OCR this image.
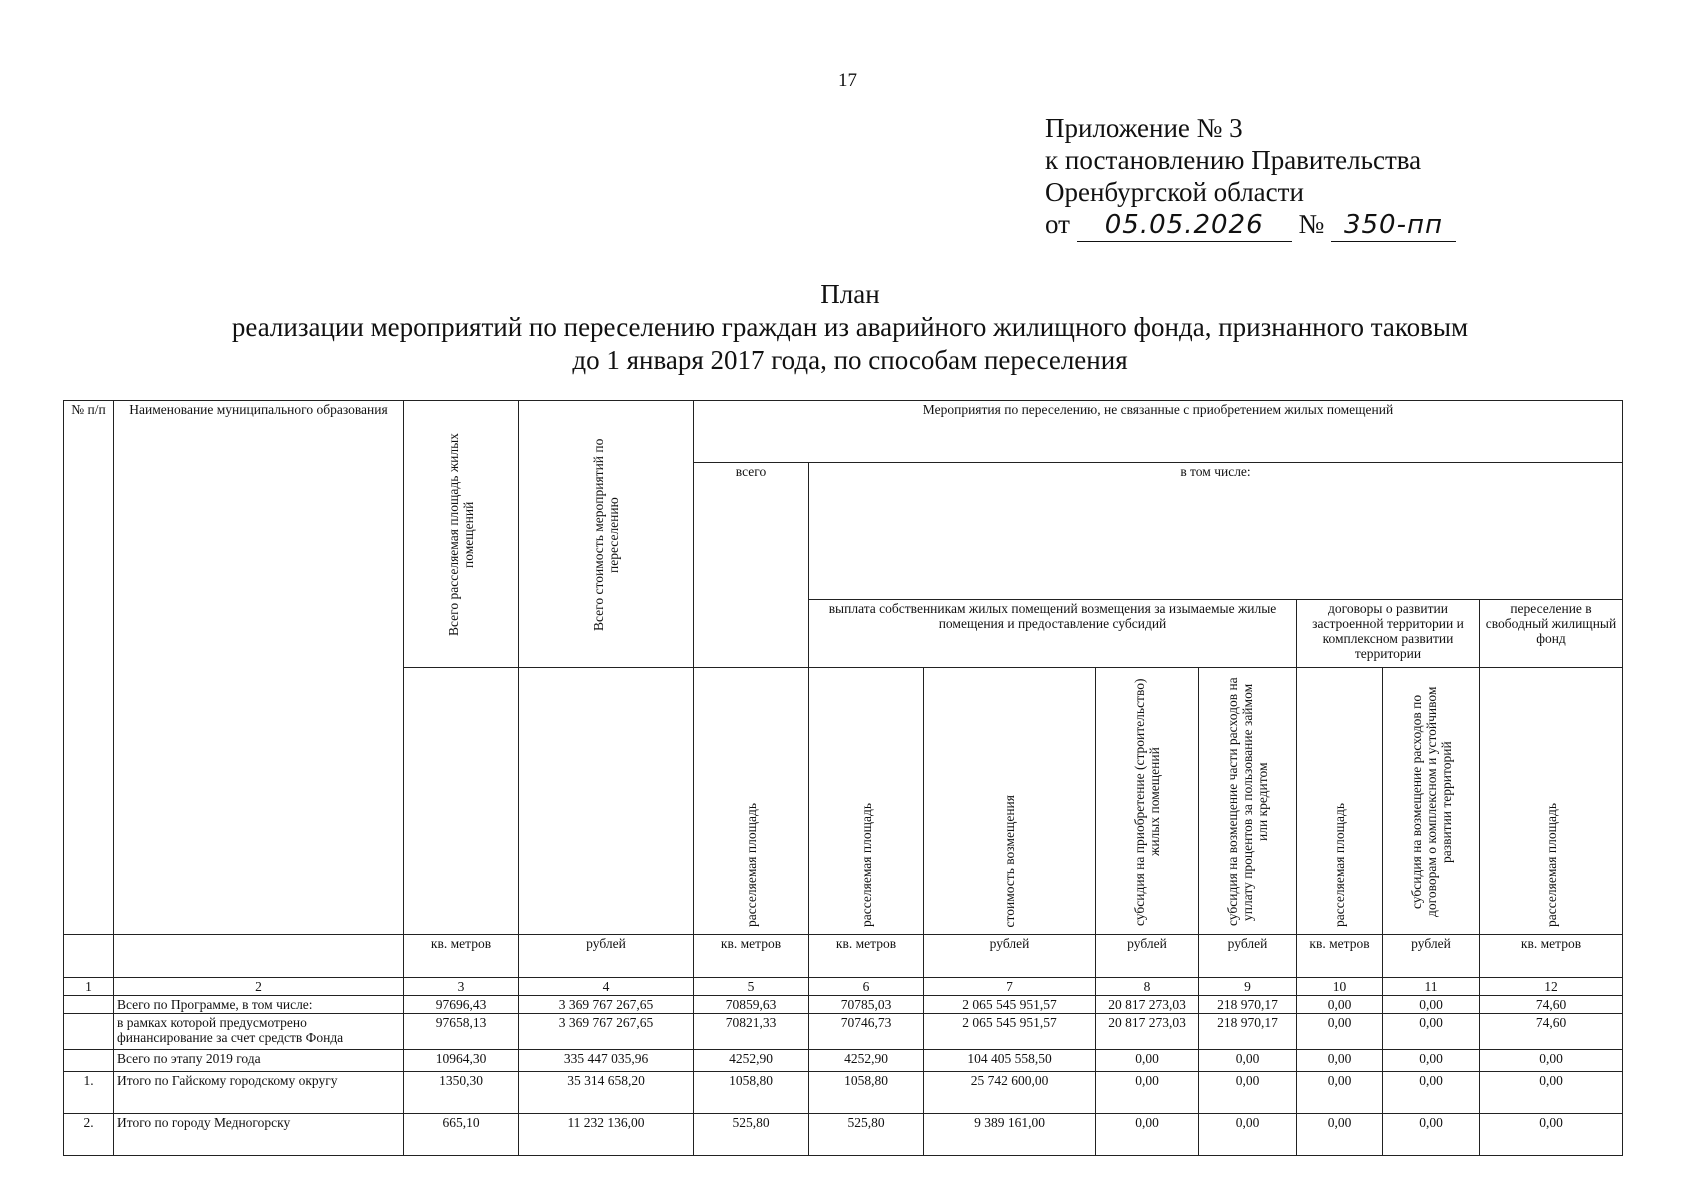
17
Приложение № 3
к постановлению Правительства
Оренбургской области
от 05.05.2026 № 350-пп
План
реализации мероприятий по переселению граждан из аварийного жилищного фонда, признанного таковым
до 1 января 2017 года, по способам переселения
№ п/п	Наименование муниципального образования	Всего расселяемая площадь жилых помещений	Всего стоимость мероприятий по переселению	Мероприятия по переселению, не связанные с приобретением жилых помещений							
				всего	в том числе:						
					выплата собственникам жилых помещений возмещения за изымаемые жилые помещения и предоставление субсидий				договоры о развитии застроенной территории и комплексном развитии территории		переселение в свободный жилищный фонд
				расселяемая площадь	расселяемая площадь	стоимость возмещения	субсидия на приобретение (строительство) жилых помещений	субсидия на возмещение части расходов на уплату процентов за пользование займом или кредитом	расселяемая площадь	субсидия на возмещение расходов по договорам о комплексном и устойчивом развитии территорий	расселяемая площадь
		кв. метров	рублей	кв. метров	кв. метров	рублей	рублей	рублей	кв. метров	рублей	кв. метров
1	2	3	4	5	6	7	8	9	10	11	12
	Всего по Программе, в том числе:	97696,43	3 369 767 267,65	70859,63	70785,03	2 065 545 951,57	20 817 273,03	218 970,17	0,00	0,00	74,60
	в рамках которой предусмотрено финансирование за счет средств Фонда	97658,13	3 369 767 267,65	70821,33	70746,73	2 065 545 951,57	20 817 273,03	218 970,17	0,00	0,00	74,60
	Всего по этапу 2019 года	10964,30	335 447 035,96	4252,90	4252,90	104 405 558,50	0,00	0,00	0,00	0,00	0,00
1.	Итого по Гайскому городскому округу	1350,30	35 314 658,20	1058,80	1058,80	25 742 600,00	0,00	0,00	0,00	0,00	0,00
2.	Итого по городу Медногорску	665,10	11 232 136,00	525,80	525,80	9 389 161,00	0,00	0,00	0,00	0,00	0,00
